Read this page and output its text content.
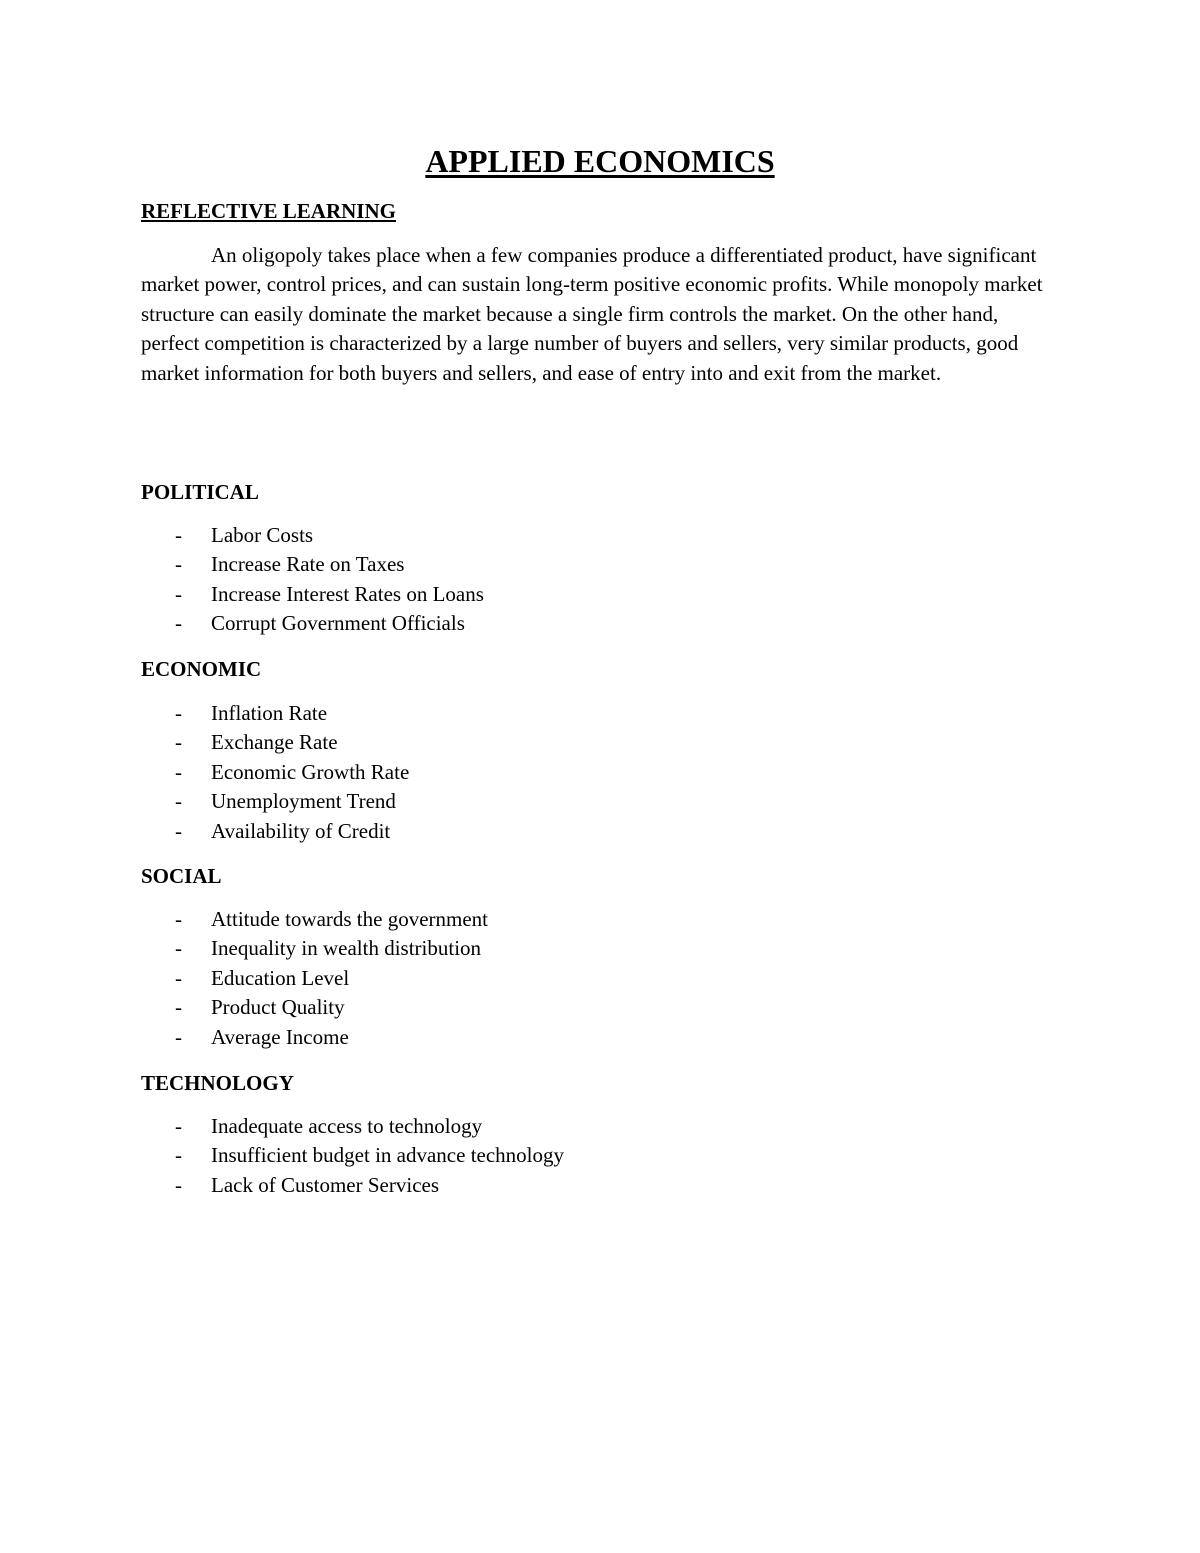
APPLIED ECONOMICS
REFLECTIVE LEARNING

An oligopoly takes place when a few companies produce a differentiated product, have significant market power, control prices, and can sustain long-term positive economic profits. While monopoly market structure can easily dominate the market because a single firm controls the market. On the other hand, perfect competition is characterized by a large number of buyers and sellers, very similar products, good market information for both buyers and sellers, and ease of entry into and exit from the market.

POLITICAL
- Labor Costs
- Increase Rate on Taxes
- Increase Interest Rates on Loans
- Corrupt Government Officials
ECONOMIC
- Inflation Rate
- Exchange Rate
- Economic Growth Rate
- Unemployment Trend
- Availability of Credit
SOCIAL
- Attitude towards the government
- Inequality in wealth distribution
- Education Level
- Product Quality
- Average Income
TECHNOLOGY
- Inadequate access to technology
- Insufficient budget in advance technology
- Lack of Customer Services
